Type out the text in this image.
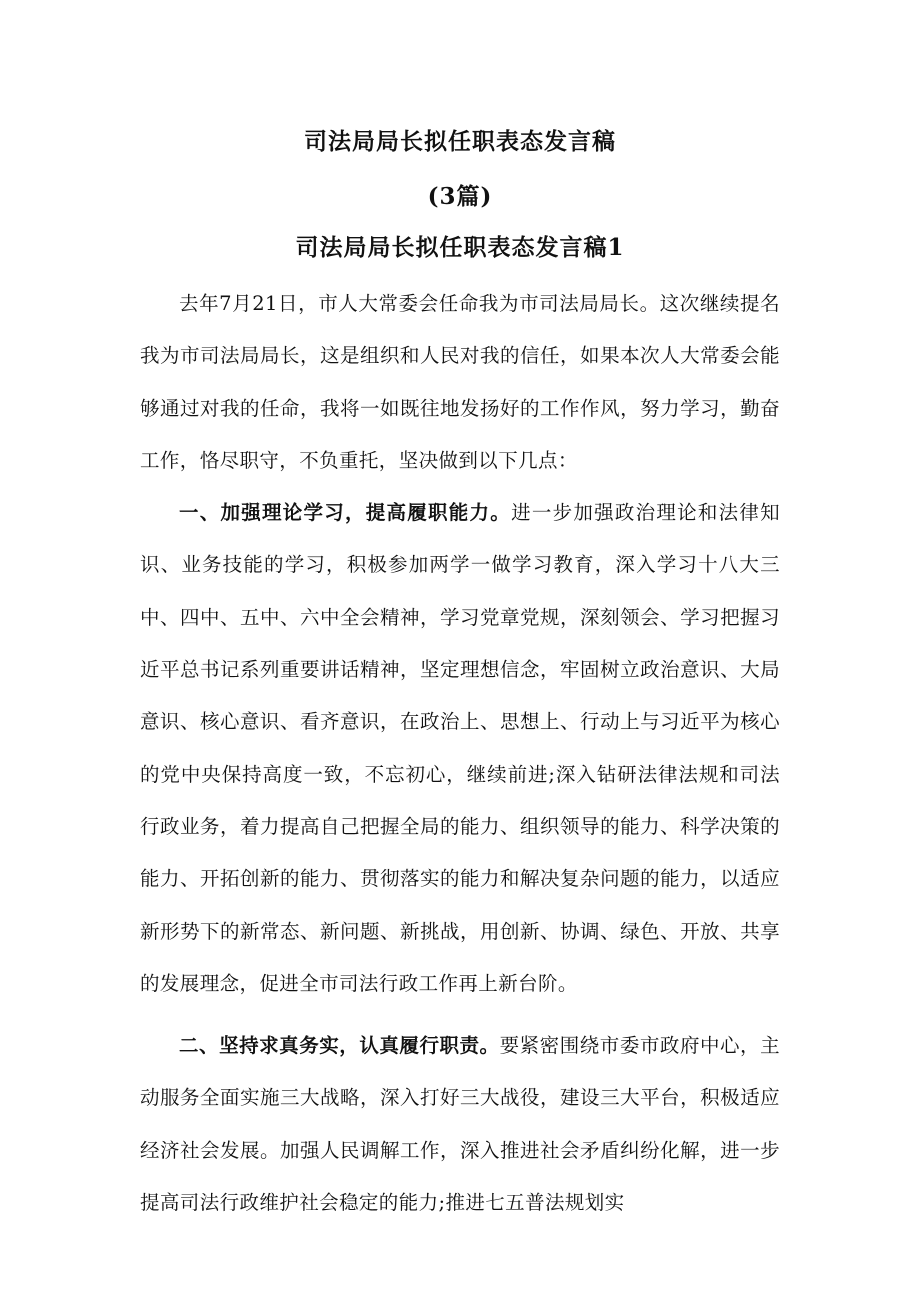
司法局局长拟任职表态发言稿
(3篇)
司法局局长拟任职表态发言稿1

去年7月21日，市人大常委会任命我为市司法局局长。这次继续提名我为市司法局局长，这是组织和人民对我的信任，如果本次人大常委会能够通过对我的任命，我将一如既往地发扬好的工作作风，努力学习，勤奋工作，恪尽职守，不负重托，坚决做到以下几点：

一、加强理论学习，提高履职能力。进一步加强政治理论和法律知识、业务技能的学习，积极参加两学一做学习教育，深入学习十八大三中、四中、五中、六中全会精神，学习党章党规，深刻领会、学习把握习近平总书记系列重要讲话精神，坚定理想信念，牢固树立政治意识、大局意识、核心意识、看齐意识，在政治上、思想上、行动上与习近平为核心的党中央保持高度一致，不忘初心，继续前进;深入钻研法律法规和司法行政业务，着力提高自己把握全局的能力、组织领导的能力、科学决策的能力、开拓创新的能力、贯彻落实的能力和解决复杂问题的能力，以适应新形势下的新常态、新问题、新挑战，用创新、协调、绿色、开放、共享的发展理念，促进全市司法行政工作再上新台阶。

二、坚持求真务实，认真履行职责。要紧密围绕市委市政府中心，主动服务全面实施三大战略，深入打好三大战役，建设三大平台，积极适应经济社会发展。加强人民调解工作，深入推进社会矛盾纠纷化解，进一步提高司法行政维护社会稳定的能力;推进七五普法规划实
